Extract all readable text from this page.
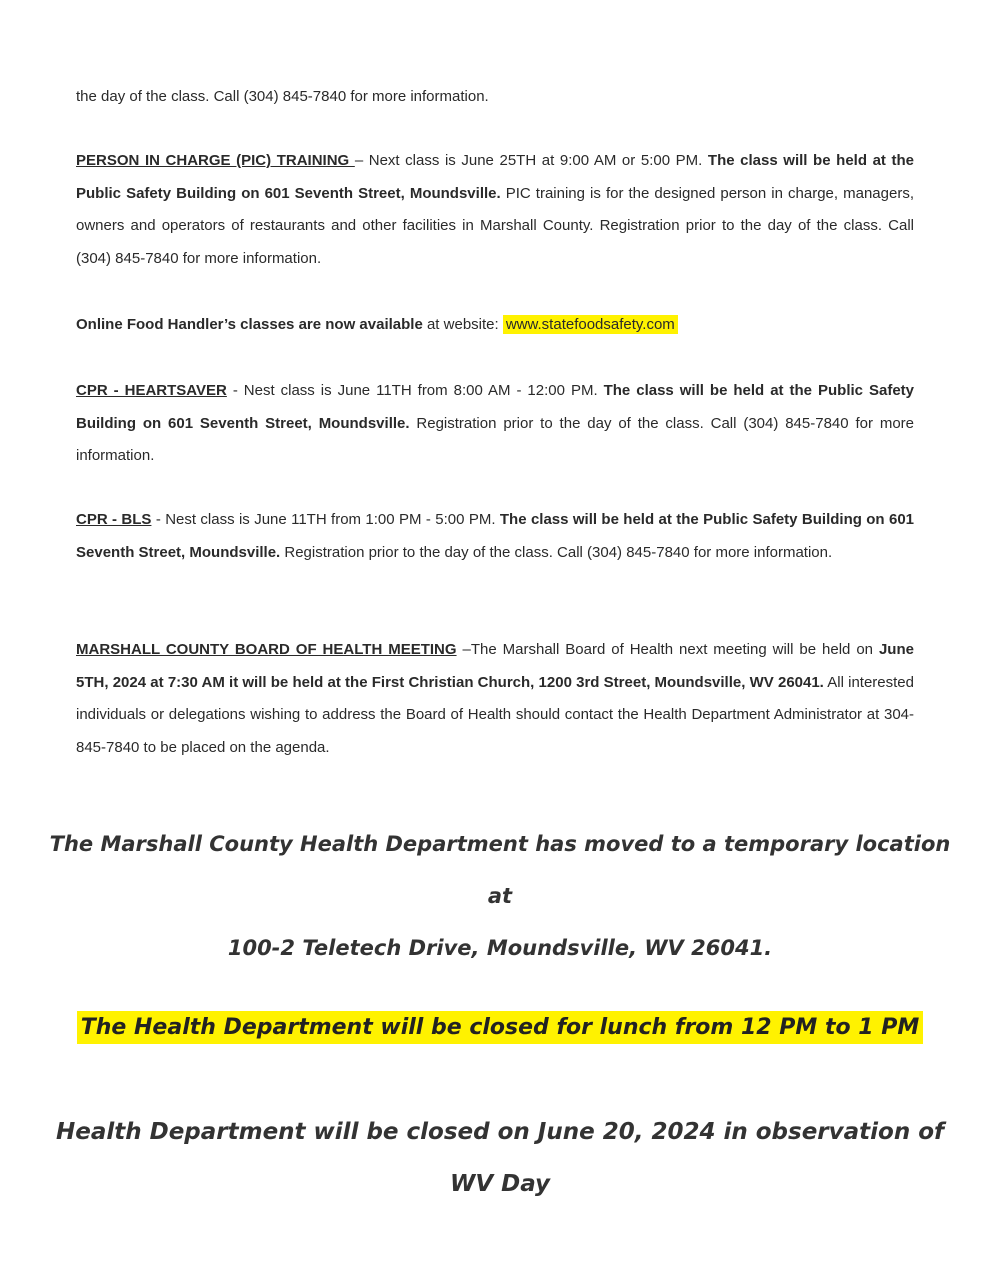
the day of the class. Call (304) 845-7840 for more information.
PERSON IN CHARGE (PIC) TRAINING – Next class is June 25TH at 9:00 AM or 5:00 PM. The class will be held at the Public Safety Building on 601 Seventh Street, Moundsville. PIC training is for the designed person in charge, managers, owners and operators of restaurants and other facilities in Marshall County. Registration prior to the day of the class. Call (304) 845-7840 for more information.
Online Food Handler’s classes are now available at website: www.statefoodsafety.com
CPR - HEARTSAVER - Nest class is June 11TH from 8:00 AM - 12:00 PM. The class will be held at the Public Safety Building on 601 Seventh Street, Moundsville. Registration prior to the day of the class. Call (304) 845-7840 for more information.
CPR - BLS - Nest class is June 11TH from 1:00 PM - 5:00 PM. The class will be held at the Public Safety Building on 601 Seventh Street, Moundsville. Registration prior to the day of the class. Call (304) 845-7840 for more information.
MARSHALL COUNTY BOARD OF HEALTH MEETING –The Marshall Board of Health next meeting will be held on June 5TH, 2024 at 7:30 AM it will be held at the First Christian Church, 1200 3rd Street, Moundsville, WV 26041. All interested individuals or delegations wishing to address the Board of Health should contact the Health Department Administrator at 304-845-7840 to be placed on the agenda.
The Marshall County Health Department has moved to a temporary location at
100-2 Teletech Drive, Moundsville, WV 26041.
The Health Department will be closed for lunch from 12 PM to 1 PM
Health Department will be closed on June 20, 2024 in observation of
WV Day
